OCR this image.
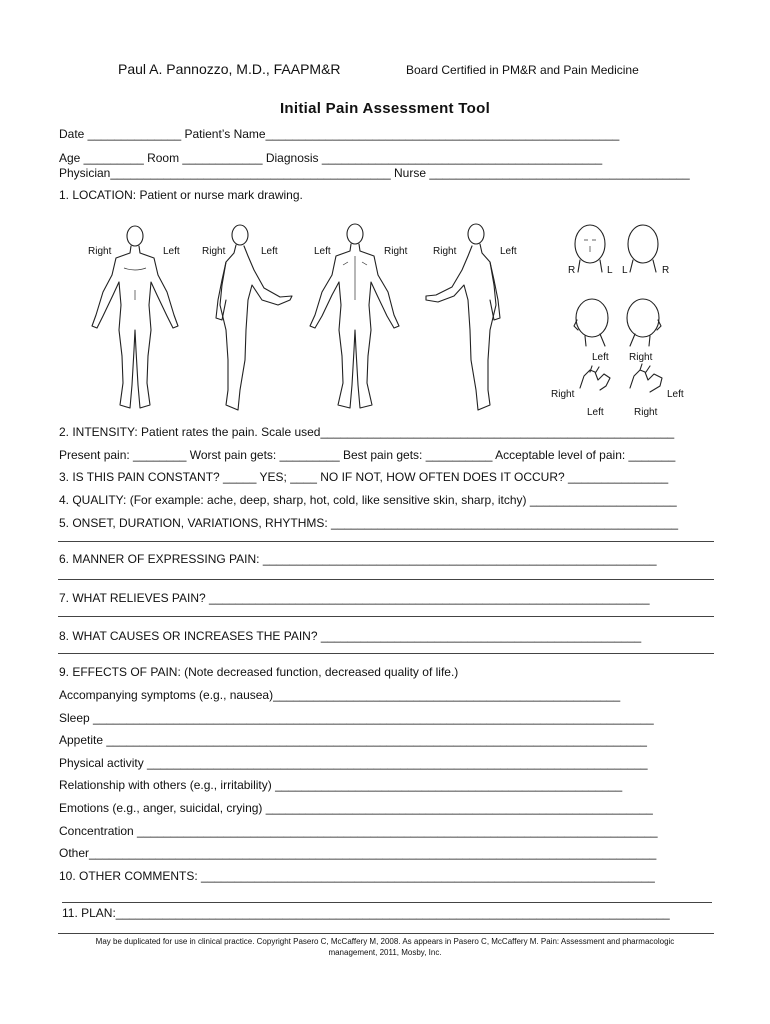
Paul A. Pannozzo, M.D., FAAPM&R	Board Certified in PM&R and Pain Medicine
Initial Pain Assessment Tool
Date ______________ Patient’s Name_____________________________________________________
Age _________ Room ____________ Diagnosis __________________________________________
Physician__________________________________________ Nurse _______________________________________
1. LOCATION: Patient or nurse mark drawing.
Right	Left Right	Left	Left	Right	Right	Left
R	L L	R
Left Right
Right	Left
Left	Right
2. INTENSITY: Patient rates the pain. Scale used_____________________________________________________
Present pain: ________ Worst pain gets: _________ Best pain gets: __________ Acceptable level of pain: _______
3. IS THIS PAIN CONSTANT? _____ YES; ____ NO IF NOT, HOW OFTEN DOES IT OCCUR? _______________
4. QUALITY: (For example: ache, deep, sharp, hot, cold, like sensitive skin, sharp, itchy) ______________________
5. ONSET, DURATION, VARIATIONS, RHYTHMS: ____________________________________________________
6. MANNER OF EXPRESSING PAIN: ___________________________________________________________
7. WHAT RELIEVES PAIN? __________________________________________________________________
8. WHAT CAUSES OR INCREASES THE PAIN? ________________________________________________
9. EFFECTS OF PAIN: (Note decreased function, decreased quality of life.)
Accompanying symptoms (e.g., nausea)____________________________________________________
Sleep ____________________________________________________________________________________
Appetite _________________________________________________________________________________
Physical activity ___________________________________________________________________________
Relationship with others (e.g., irritability) ____________________________________________________
Emotions (e.g., anger, suicidal, crying) __________________________________________________________
Concentration ______________________________________________________________________________
Other_____________________________________________________________________________________
10. OTHER COMMENTS: ____________________________________________________________________
11. PLAN:___________________________________________________________________________________
May be duplicated for use in clinical practice. Copyright Pasero C, McCaffery M, 2008. As appears in Pasero C, McCaffery M. Pain: Assessment and pharmacologic
management, 2011, Mosby, Inc.
